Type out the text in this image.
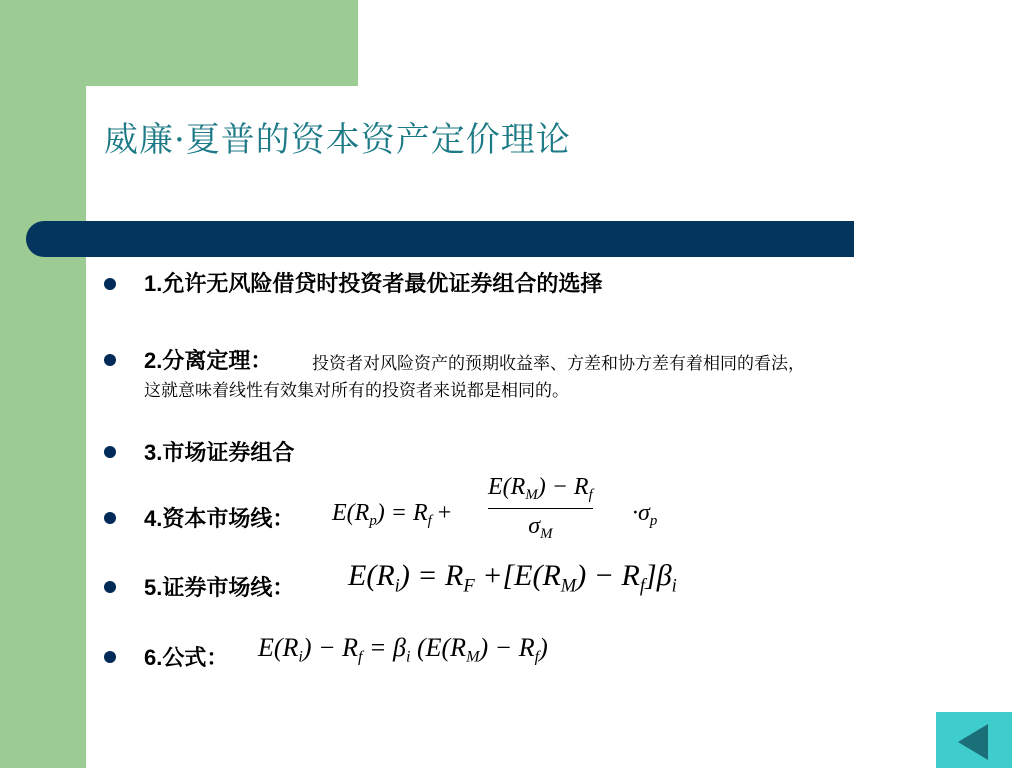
威廉·夏普的资本资产定价理论
1.允许无风险借贷时投资者最优证券组合的选择
2.分离定理： 投资者对风险资产的预期收益率、方差和协方差有着相同的看法，
这就意味着线性有效集对所有的投资者来说都是相同的。
3.市场证券组合
4.资本市场线：
5.证券市场线：
6.公式：
$E(R_p) = R_f$ +
$E(R_M) - R_f$
$\sigma_M$
$\cdot\sigma_p$
$E(R_i) = R_F +[E(R_M) - R_f]\beta_i$
$E(R_i) - R_f = \beta_i$ $(E(R_M) - R_f)$
